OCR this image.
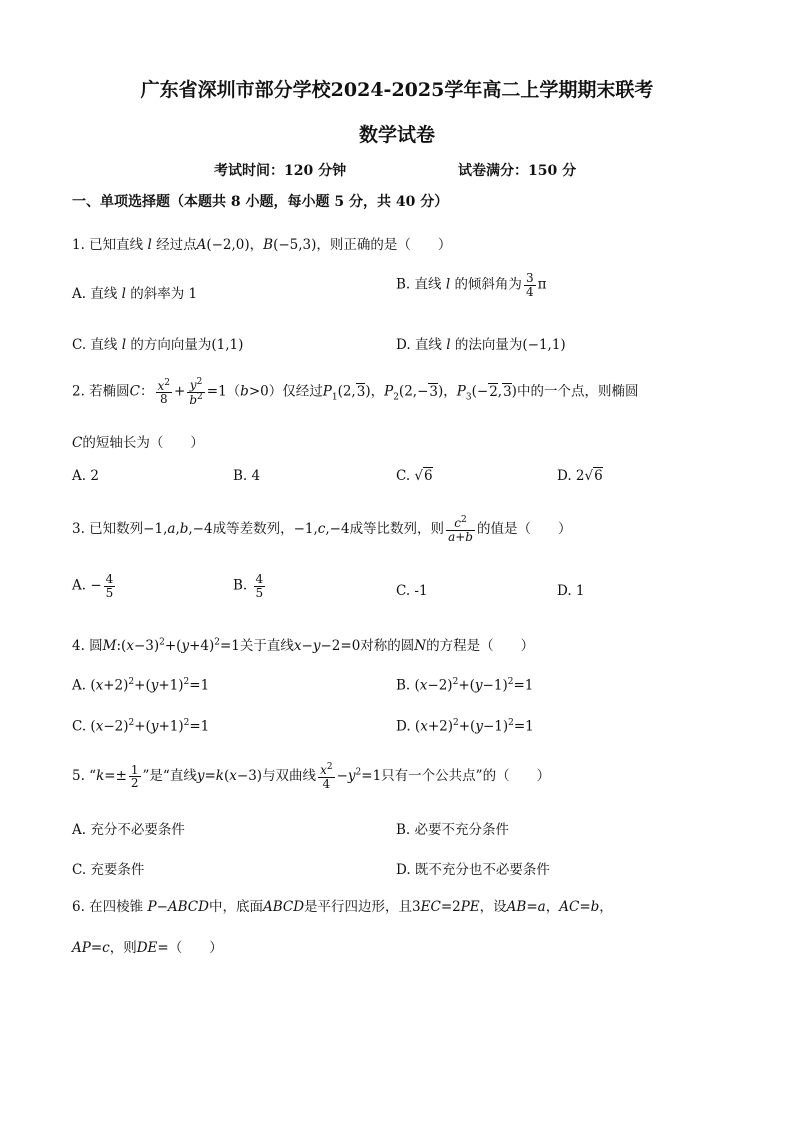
广东省深圳市部分学校2024-2025学年高二上学期期末联考
数学试卷
考试时间：120 分钟	试卷满分：150 分
一、单项选择题（本题共 8 小题，每小题 5 分，共 40 分）
1. 已知直线 l 经过点A(−2,0)，B(−5,3)，则正确的是（　　）
A. 直线 l 的斜率为 1
B. 直线 l 的倾斜角为 $\frac{3}{4}$ π
C. 直线 l 的方向向量为(1,1)	D. 直线 l 的法向量为(−1,1)
2. 若椭圆C： $\frac{x^2}{8} + \frac{y^2}{b^2} =1(b>0)$仅经过$P_1(2,3)$，$P_2(2,-3)$，$P_3(-2,3)$中的一个点，则椭圆
C的短轴长为（　　）
A. 2	B. 4	C. √6	D. 2√6
3. 已知数列−1,a,b,−4成等差数列，−1,c,−4成等比数列，则 $\frac{c^2}{a+b}$ 的值是（　　）
A. − $\frac{4}{5}$	B. $\frac{4}{5}$	C. -1	D. 1
4. 圆$M:(x-3)^2+(y+4)^2=1$关于直线x−y−2=0对称的圆N的方程是（　　）
A. $(x+2)^2+(y+1)^2=1$	B. $(x-2)^2+(y-1)^2=1$
C. $(x-2)^2+(y+1)^2=1$	D. $(x+2)^2+(y-1)^2=1$
5. “$k=\pm \frac{1}{2}$ ”是“直线y=k(x−3)与双曲线 $\frac{x^2}{4} -y^2=1$只有一个公共点”的（　　）
A. 充分不必要条件	B. 必要不充分条件
C. 充要条件	D. 既不充分也不必要条件
6. 在四棱锥 P−ABCD中，底面ABCD是平行四边形，且3EC=2PE，设AB=a，AC=b，
AP=c，则DE=（　　）
